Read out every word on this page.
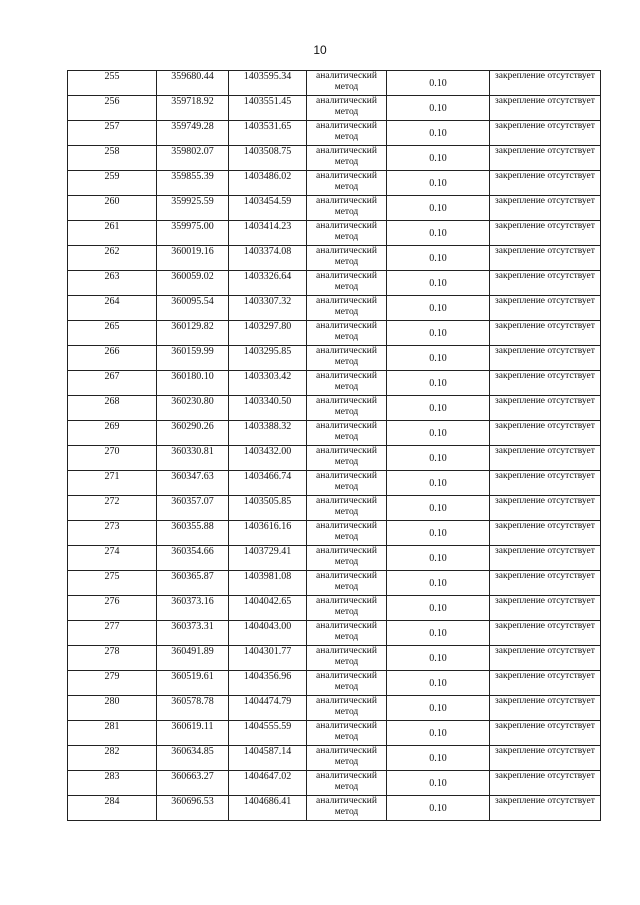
10
255	359680.44	1403595.34	аналитический метод	0.10	закрепление отсутствует
256	359718.92	1403551.45	аналитический метод	0.10	закрепление отсутствует
257	359749.28	1403531.65	аналитический метод	0.10	закрепление отсутствует
258	359802.07	1403508.75	аналитический метод	0.10	закрепление отсутствует
259	359855.39	1403486.02	аналитический метод	0.10	закрепление отсутствует
260	359925.59	1403454.59	аналитический метод	0.10	закрепление отсутствует
261	359975.00	1403414.23	аналитический метод	0.10	закрепление отсутствует
262	360019.16	1403374.08	аналитический метод	0.10	закрепление отсутствует
263	360059.02	1403326.64	аналитический метод	0.10	закрепление отсутствует
264	360095.54	1403307.32	аналитический метод	0.10	закрепление отсутствует
265	360129.82	1403297.80	аналитический метод	0.10	закрепление отсутствует
266	360159.99	1403295.85	аналитический метод	0.10	закрепление отсутствует
267	360180.10	1403303.42	аналитический метод	0.10	закрепление отсутствует
268	360230.80	1403340.50	аналитический метод	0.10	закрепление отсутствует
269	360290.26	1403388.32	аналитический метод	0.10	закрепление отсутствует
270	360330.81	1403432.00	аналитический метод	0.10	закрепление отсутствует
271	360347.63	1403466.74	аналитический метод	0.10	закрепление отсутствует
272	360357.07	1403505.85	аналитический метод	0.10	закрепление отсутствует
273	360355.88	1403616.16	аналитический метод	0.10	закрепление отсутствует
274	360354.66	1403729.41	аналитический метод	0.10	закрепление отсутствует
275	360365.87	1403981.08	аналитический метод	0.10	закрепление отсутствует
276	360373.16	1404042.65	аналитический метод	0.10	закрепление отсутствует
277	360373.31	1404043.00	аналитический метод	0.10	закрепление отсутствует
278	360491.89	1404301.77	аналитический метод	0.10	закрепление отсутствует
279	360519.61	1404356.96	аналитический метод	0.10	закрепление отсутствует
280	360578.78	1404474.79	аналитический метод	0.10	закрепление отсутствует
281	360619.11	1404555.59	аналитический метод	0.10	закрепление отсутствует
282	360634.85	1404587.14	аналитический метод	0.10	закрепление отсутствует
283	360663.27	1404647.02	аналитический метод	0.10	закрепление отсутствует
284	360696.53	1404686.41	аналитический метод	0.10	закрепление отсутствует
